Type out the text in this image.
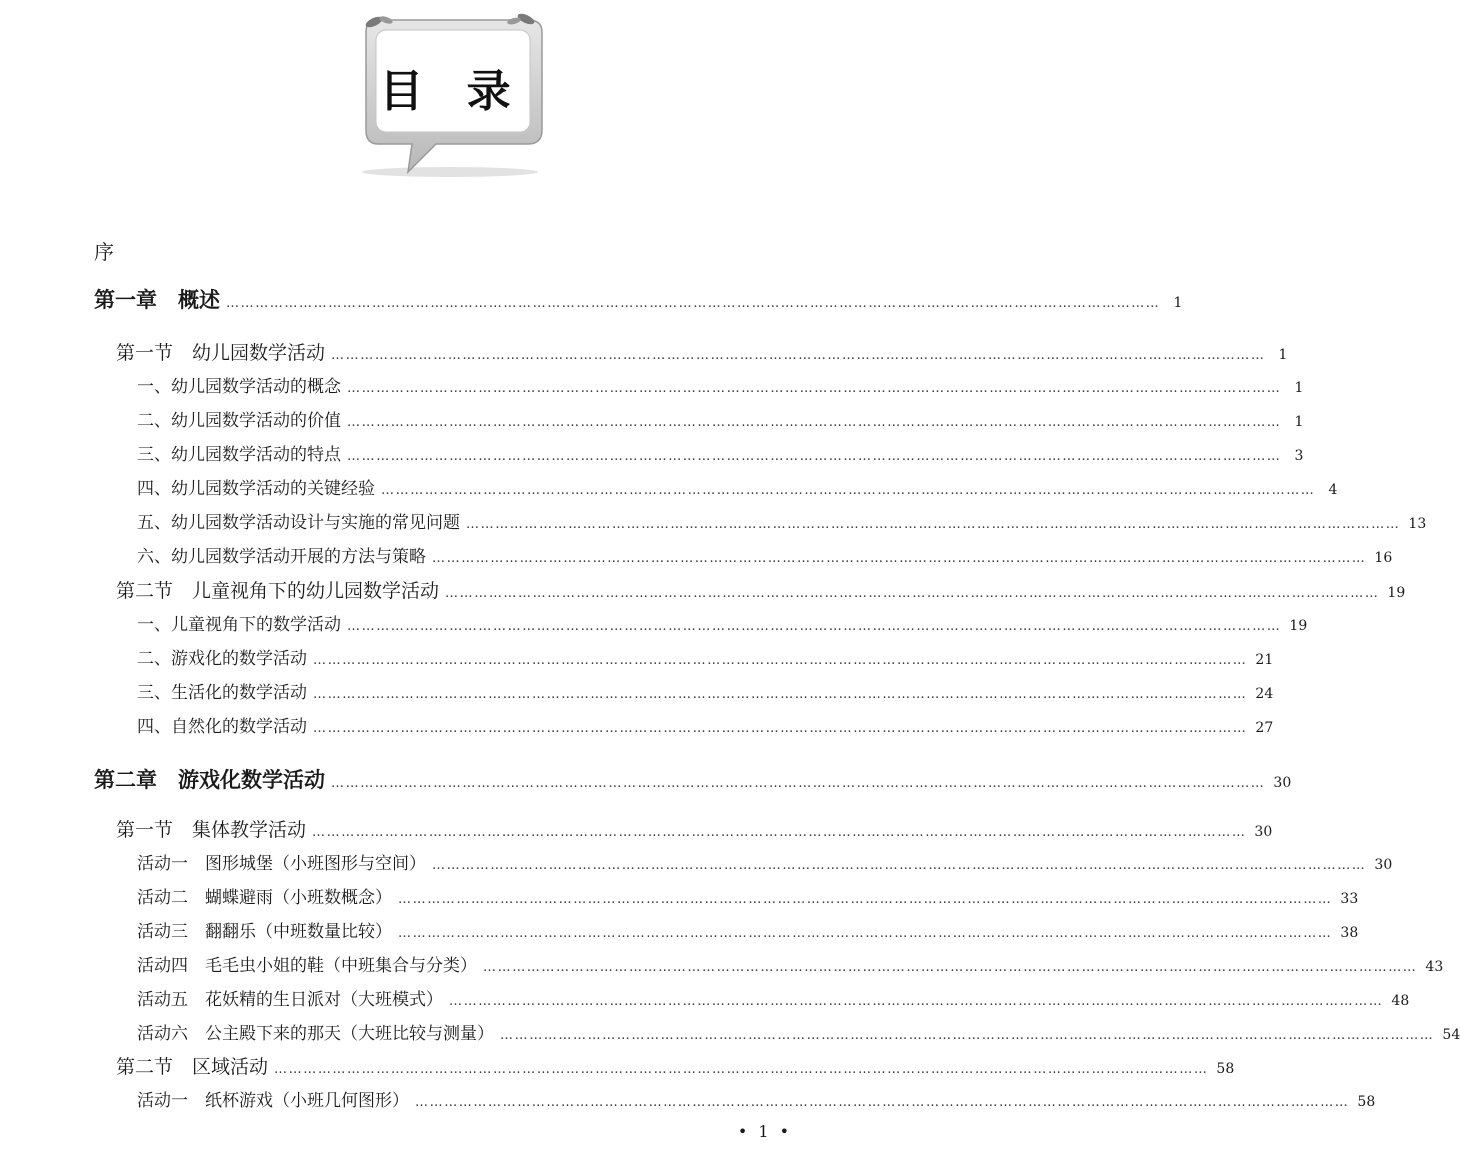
目 录
序
第一章　概述 ………………………………………………………………………………………………………………………………………………………………………… 1
第一节　幼儿园数学活动 ………………………………………………………………………………………………………………………………………………………………………… 1
一、幼儿园数学活动的概念 ………………………………………………………………………………………………………………………………………………………………………… 1
二、幼儿园数学活动的价值 ………………………………………………………………………………………………………………………………………………………………………… 1
三、幼儿园数学活动的特点 ………………………………………………………………………………………………………………………………………………………………………… 3
四、幼儿园数学活动的关键经验 ………………………………………………………………………………………………………………………………………………………………………… 4
五、幼儿园数学活动设计与实施的常见问题 ………………………………………………………………………………………………………………………………………………………………………… 13
六、幼儿园数学活动开展的方法与策略 ………………………………………………………………………………………………………………………………………………………………………… 16
第二节　儿童视角下的幼儿园数学活动 ………………………………………………………………………………………………………………………………………………………………………… 19
一、儿童视角下的数学活动 ………………………………………………………………………………………………………………………………………………………………………… 19
二、游戏化的数学活动 ………………………………………………………………………………………………………………………………………………………………………… 21
三、生活化的数学活动 ………………………………………………………………………………………………………………………………………………………………………… 24
四、自然化的数学活动 ………………………………………………………………………………………………………………………………………………………………………… 27
第二章　游戏化数学活动 ………………………………………………………………………………………………………………………………………………………………………… 30
第一节　集体教学活动 ………………………………………………………………………………………………………………………………………………………………………… 30
活动一　图形城堡（小班图形与空间） ………………………………………………………………………………………………………………………………………………………………………… 30
活动二　蝴蝶避雨（小班数概念） ………………………………………………………………………………………………………………………………………………………………………… 33
活动三　翻翻乐（中班数量比较） ………………………………………………………………………………………………………………………………………………………………………… 38
活动四　毛毛虫小姐的鞋（中班集合与分类） ………………………………………………………………………………………………………………………………………………………………………… 43
活动五　花妖精的生日派对（大班模式） ………………………………………………………………………………………………………………………………………………………………………… 48
活动六　公主殿下来的那天（大班比较与测量） ………………………………………………………………………………………………………………………………………………………………………… 54
第二节　区域活动 ………………………………………………………………………………………………………………………………………………………………………… 58
活动一　纸杯游戏（小班几何图形） ………………………………………………………………………………………………………………………………………………………………………… 58
• 1 •
